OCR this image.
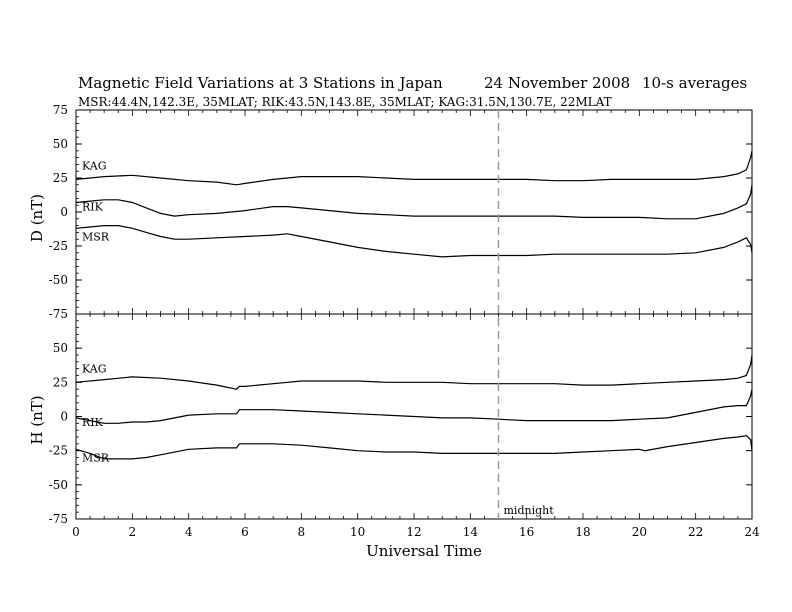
Magnetic Field Variations at 3 Stations in Japan	24 November 2008 10-s averages
MSR:44.4N,142.3E, 35MLAT; RIK:43.5N,143.8E, 35MLAT; KAG:31.5N,130.7E, 22MLAT
D (nT)
H (nT)
Universal Time
75
50
25
0
-25
-50
-75
KAG
RIK
MSR
50
25
0
-25
-50
-75
0	2	4	6	8	10	12	14	16	18	20	22	24
KAG
RIK
MSR
midnight
